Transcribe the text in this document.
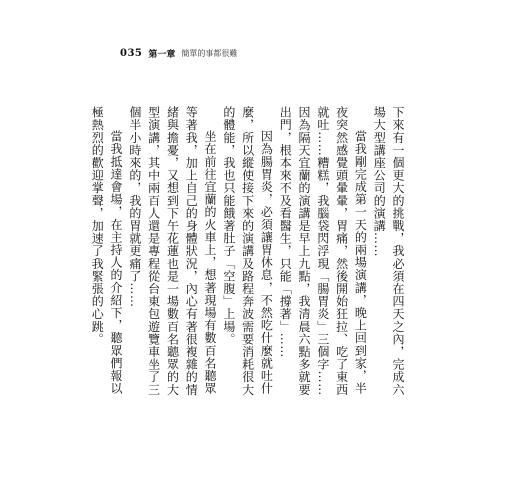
035 第一章 簡單的事都很難

下來有一個更大的挑戰，我必須在四天之內，完成六場大型講座公司的演講……

當我剛完成第一天的兩場演講，晚上回到家，半夜突然感覺頭暈暈，胃痛，然後開始狂拉、吃了東西就吐……糟糕，我腦袋閃浮現「腸胃炎」三個字……因為隔天宜蘭的演講是早上九點，我清晨六點多就要出門，根本來不及看醫生，只能「撐著」……

因為腸胃炎，必須讓胃休息，不然吃什麼就吐什麼，所以縱使接下來的演講及路程奔波需要消耗很大的體能，我也只能餓著肚子「空腹」上場。

坐在前往宜蘭的火車上，想著現場有數百名聽眾等著我，加上自己的身體狀況，內心有著很複雜的情緒與擔憂，又想到下午花蓮也是一場數百名聽眾的大型演講，其中兩百人還是專程從台東包遊覽車坐了三個半小時來的，我的胃就更痛了……

當我抵達會場，在主持人的介紹下，聽眾們報以極熱烈的歡迎掌聲，加速了我緊張的心跳。
